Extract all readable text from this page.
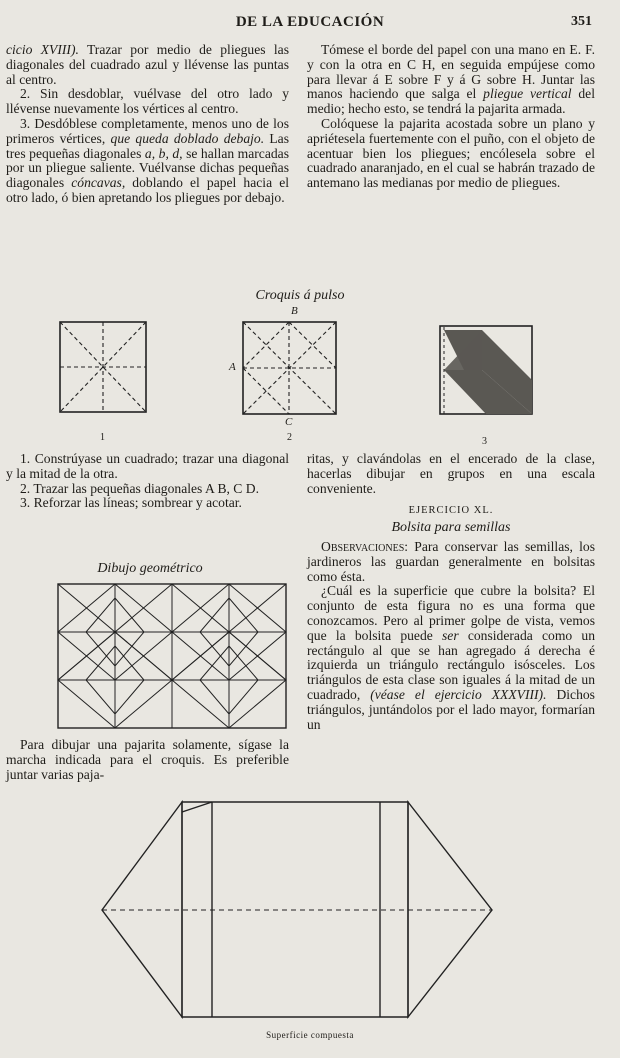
DE LA EDUCACIÓN	351

cicio XVIII). Trazar por medio de pliegues las diagonales del cuadrado azul y llévense las puntas al centro.

2. Sin desdoblar, vuélvase del otro lado y llévense nuevamente los vértices al centro.

3. Desdóblese completamente, menos uno de los primeros vértices, que queda doblado debajo. Las tres pequeñas diagonales a, b, d, se hallan marcadas por un pliegue saliente. Vuélvanse dichas pequeñas diagonales cóncavas, doblando el papel hacia el otro lado, ó bien apretando los pliegues por debajo.

Tómese el borde del papel con una mano en E. F. y con la otra en C H, en seguida empújese como para llevar á E sobre F y á G sobre H. Juntar las manos haciendo que salga el pliegue vertical del medio; hecho esto, se tendrá la pajarita armada.

Colóquese la pajarita acostada sobre un plano y apriétesela fuertemente con el puño, con el objeto de acentuar bien los pliegues; encólesela sobre el cuadrado anaranjado, en el cual se habrán trazado de antemano las medianas por medio de pliegues.

Croquis á pulso
1
B
A
C
2	3

1. Constrúyase un cuadrado; trazar una diagonal y la mitad de la otra.

2. Trazar las pequeñas diagonales A B, C D.

3. Reforzar las líneas; sombrear y acotar.

Dibujo geométrico

ritas, y clavándolas en el encerado de la clase, hacerlas dibujar en grupos en una escala conveniente.

EJERCICIO XL.
Bolsita para semillas

Observaciones: Para conservar las semillas, los jardineros las guardan generalmente en bolsitas como ésta.

¿Cuál es la superficie que cubre la bolsita? El conjunto de esta figura no es una forma que conozcamos. Pero al primer golpe de vista, vemos que la bolsita puede ser considerada como un rectángulo al que se han agregado á derecha é izquierda un triángulo rectángulo isósceles. Los triángulos de esta clase son iguales á la mitad de un cuadrado, (véase el ejercicio XXXVIII). Dichos triángulos, juntándolos por el lado mayor, formarían un

Para dibujar una pajarita solamente, sígase la marcha indicada para el croquis. Es preferible juntar varias paja-

Superficie compuesta
